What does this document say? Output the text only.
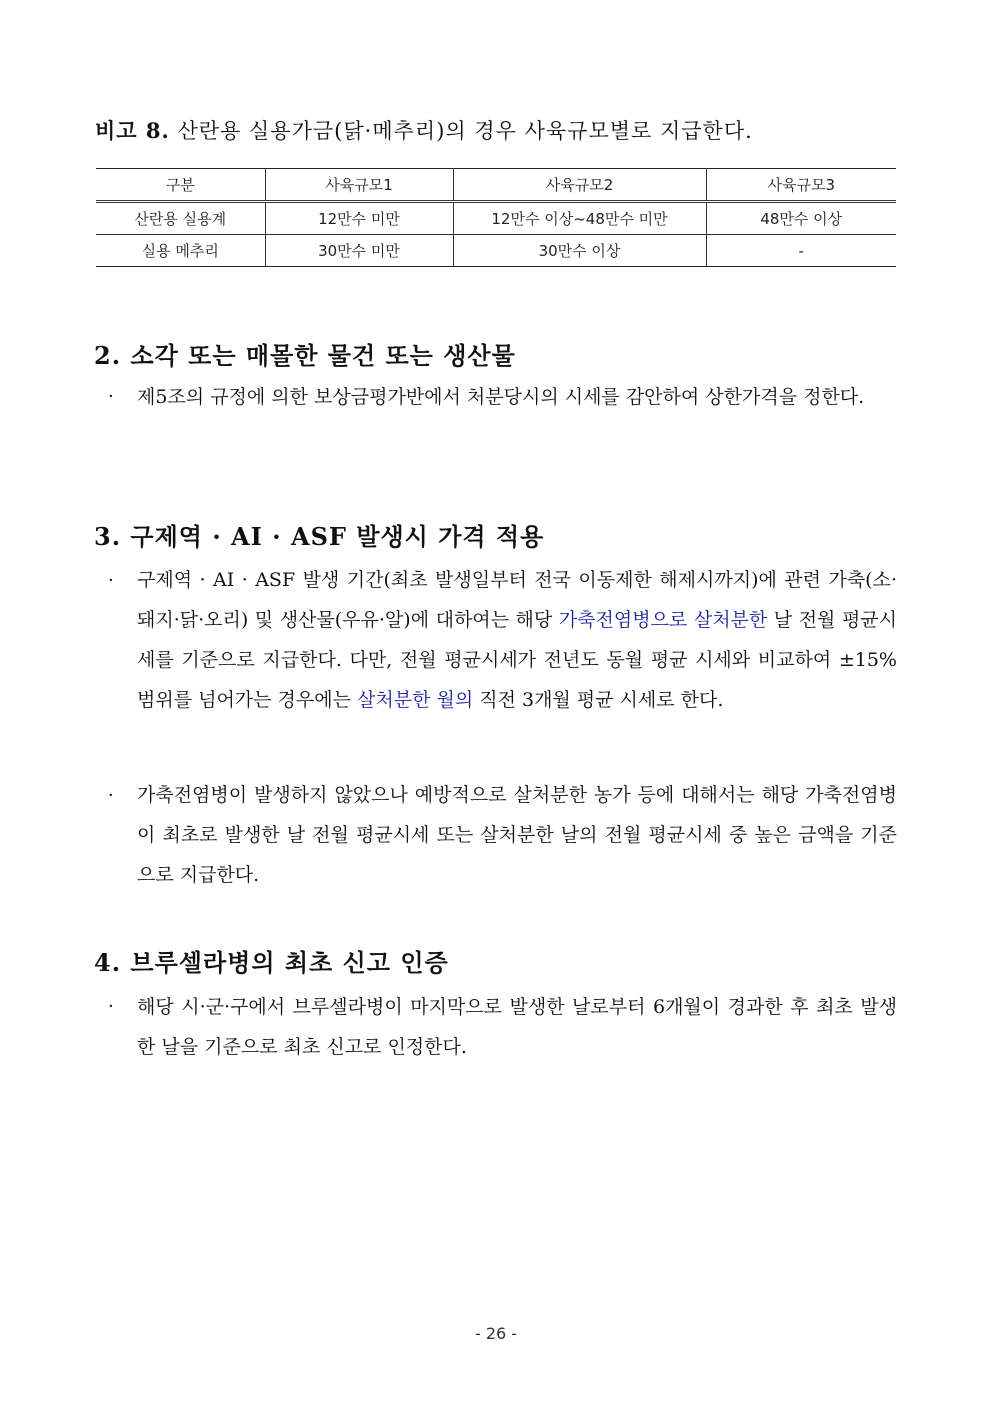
비고 8. 산란용 실용가금(닭·메추리)의 경우 사육규모별로 지급한다.
구분	사육규모1	사육규모2	사육규모3
산란용 실용계	12만수 미만	12만수 이상~48만수 미만	48만수 이상
실용 메추리	30만수 미만	30만수 이상	-
2. 소각 또는 매몰한 물건 또는 생산물
·	제5조의 규정에 의한 보상금평가반에서 처분당시의 시세를 감안하여 상한가격을 정한다.
3. 구제역 · AI · ASF 발생시 가격 적용
·	구제역 · AI · ASF 발생 기간(최초 발생일부터 전국 이동제한 해제시까지)에 관련 가축(소·돼지·닭·오리) 및 생산물(우유·알)에 대하여는 해당 가축전염병으로 살처분한 날 전월 평균시세를 기준으로 지급한다. 다만, 전월 평균시세가 전년도 동월 평균 시세와 비교하여 ±15% 범위를 넘어가는 경우에는 살처분한 월의 직전 3개월 평균 시세로 한다.
·	가축전염병이 발생하지 않았으나 예방적으로 살처분한 농가 등에 대해서는 해당 가축전염병이 최초로 발생한 날 전월 평균시세 또는 살처분한 날의 전월 평균시세 중 높은 금액을 기준으로 지급한다.
4. 브루셀라병의 최초 신고 인증
·	해당 시·군·구에서 브루셀라병이 마지막으로 발생한 날로부터 6개월이 경과한 후 최초 발생한 날을 기준으로 최초 신고로 인정한다.
- 26 -
